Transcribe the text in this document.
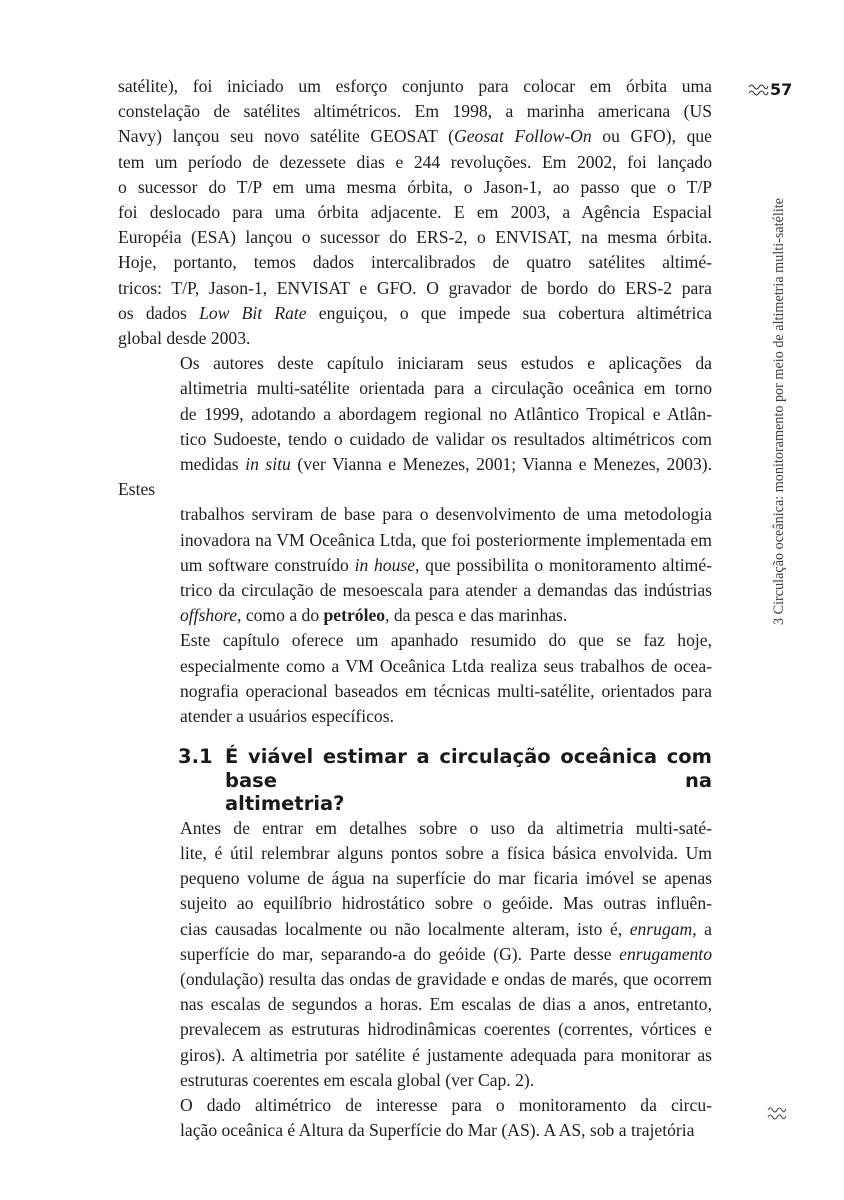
57
3 Circulação oceânica: monitoramento por meio de altimetria multi-satélite
satélite), foi iniciado um esforço conjunto para colocar em órbita uma
constelação de satélites altimétricos. Em 1998, a marinha americana (US
Navy) lançou seu novo satélite GEOSAT (Geosat Follow-On ou GFO), que
tem um período de dezessete dias e 244 revoluções. Em 2002, foi lançado
o sucessor do T/P em uma mesma órbita, o Jason-1, ao passo que o T/P
foi deslocado para uma órbita adjacente. E em 2003, a Agência Espacial
Européia (ESA) lançou o sucessor do ERS-2, o ENVISAT, na mesma órbita.
Hoje, portanto, temos dados intercalibrados de quatro satélites altimé-
tricos: T/P, Jason-1, ENVISAT e GFO. O gravador de bordo do ERS-2 para
os dados Low Bit Rate enguiçou, o que impede sua cobertura altimétrica
global desde 2003.
Os autores deste capítulo iniciaram seus estudos e aplicações da
altimetria multi-satélite orientada para a circulação oceânica em torno
de 1999, adotando a abordagem regional no Atlântico Tropical e Atlân-
tico Sudoeste, tendo o cuidado de validar os resultados altimétricos com
medidas in situ (ver Vianna e Menezes, 2001; Vianna e Menezes, 2003). Estes
trabalhos serviram de base para o desenvolvimento de uma metodologia
inovadora na VM Oceânica Ltda, que foi posteriormente implementada em
um software construído in house, que possibilita o monitoramento altimé-
trico da circulação de mesoescala para atender a demandas das indústrias
offshore, como a do petróleo, da pesca e das marinhas.
Este capítulo oferece um apanhado resumido do que se faz hoje,
especialmente como a VM Oceânica Ltda realiza seus trabalhos de ocea-
nografia operacional baseados em técnicas multi-satélite, orientados para
atender a usuários específicos.
3.1 É viável estimar a circulação oceânica com base na
altimetria?
Antes de entrar em detalhes sobre o uso da altimetria multi-saté-
lite, é útil relembrar alguns pontos sobre a física básica envolvida. Um
pequeno volume de água na superfície do mar ficaria imóvel se apenas
sujeito ao equilíbrio hidrostático sobre o geóide. Mas outras influên-
cias causadas localmente ou não localmente alteram, isto é, enrugam, a
superfície do mar, separando-a do geóide (G). Parte desse enrugamento
(ondulação) resulta das ondas de gravidade e ondas de marés, que ocorrem
nas escalas de segundos a horas. Em escalas de dias a anos, entretanto,
prevalecem as estruturas hidrodinâmicas coerentes (correntes, vórtices e
giros). A altimetria por satélite é justamente adequada para monitorar as
estruturas coerentes em escala global (ver Cap. 2).
O dado altimétrico de interesse para o monitoramento da circu-
lação oceânica é Altura da Superfície do Mar (AS). A AS, sob a trajetória
